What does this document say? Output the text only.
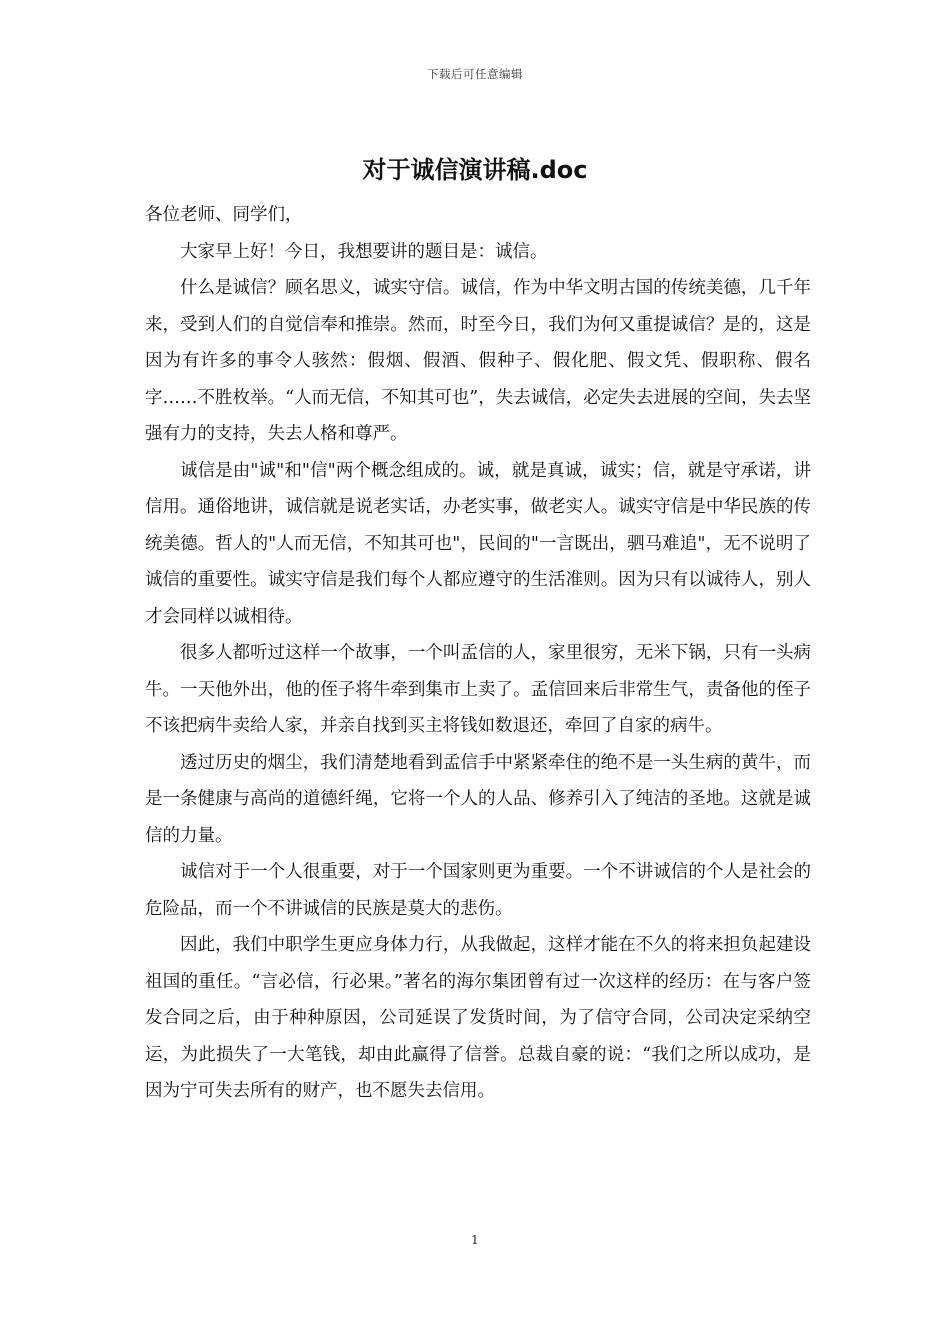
下载后可任意编辑
对于诚信演讲稿.doc

各位老师、同学们，

大家早上好！今日，我想要讲的题目是：诚信。

什么是诚信？顾名思义，诚实守信。诚信，作为中华文明古国的传统美德，几千年来，受到人们的自觉信奉和推崇。然而，时至今日，我们为何又重提诚信？是的，这是因为有许多的事令人骇然：假烟、假酒、假种子、假化肥、假文凭、假职称、假名字……不胜枚举。“人而无信，不知其可也”，失去诚信，必定失去进展的空间，失去坚强有力的支持，失去人格和尊严。

诚信是由"诚"和"信"两个概念组成的。诚，就是真诚，诚实；信，就是守承诺，讲信用。通俗地讲，诚信就是说老实话，办老实事，做老实人。诚实守信是中华民族的传统美德。哲人的"人而无信，不知其可也"，民间的"一言既出，驷马难追"，无不说明了诚信的重要性。诚实守信是我们每个人都应遵守的生活准则。因为只有以诚待人，别人才会同样以诚相待。

很多人都听过这样一个故事，一个叫孟信的人，家里很穷，无米下锅，只有一头病牛。一天他外出，他的侄子将牛牵到集市上卖了。孟信回来后非常生气，责备他的侄子不该把病牛卖给人家，并亲自找到买主将钱如数退还，牵回了自家的病牛。

透过历史的烟尘，我们清楚地看到孟信手中紧紧牵住的绝不是一头生病的黄牛，而是一条健康与高尚的道德纤绳，它将一个人的人品、修养引入了纯洁的圣地。这就是诚信的力量。

诚信对于一个人很重要，对于一个国家则更为重要。一个不讲诚信的个人是社会的危险品，而一个不讲诚信的民族是莫大的悲伤。

因此，我们中职学生更应身体力行，从我做起，这样才能在不久的将来担负起建设祖国的重任。“言必信，行必果。”著名的海尔集团曾有过一次这样的经历：在与客户签发合同之后，由于种种原因，公司延误了发货时间，为了信守合同，公司决定采纳空运，为此损失了一大笔钱，却由此赢得了信誉。总裁自豪的说：“我们之所以成功，是因为宁可失去所有的财产，也不愿失去信用。

1
